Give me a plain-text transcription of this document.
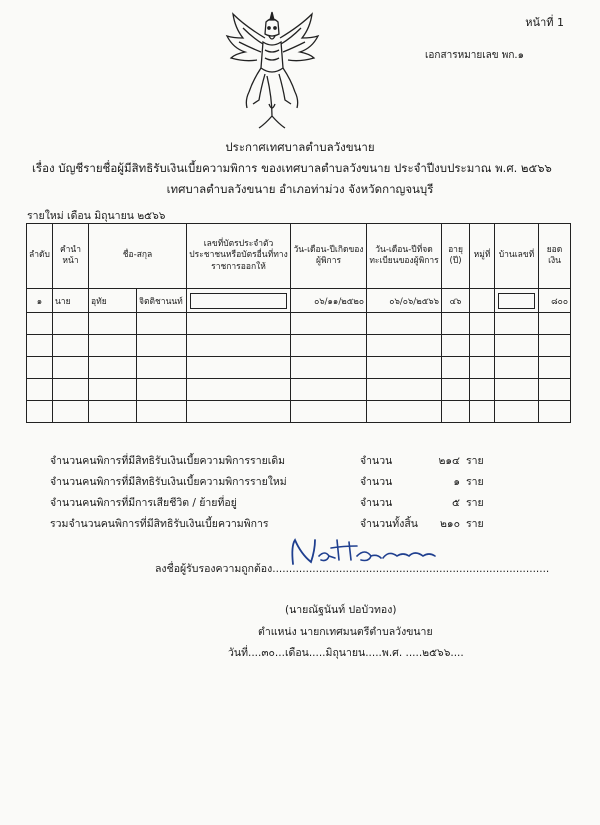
หน้าที่ 1
เอกสารหมายเลข พก.๑
ประกาศเทศบาลตำบลวังขนาย
เรื่อง บัญชีรายชื่อผู้มีสิทธิรับเงินเบี้ยความพิการ ของเทศบาลตำบลวังขนาย ประจำปีงบประมาณ พ.ศ. ๒๕๖๖
เทศบาลตำบลวังขนาย อำเภอท่าม่วง จังหวัดกาญจนบุรี
รายใหม่ เดือน มิถุนายน ๒๕๖๖
ลำดับ	คำนำหน้า	ชื่อ-สกุล		เลขที่บัตรประจำตัวประชาชนหรือบัตรอื่นที่ทางราชการออกให้	วัน-เดือน-ปีเกิดของผู้พิการ	วัน-เดือน-ปีที่จดทะเบียนของผู้พิการ	อายุ (ปี)	หมู่ที่	บ้านเลขที่	ยอดเงิน
๑	นาย	อุทัย	จิตติชานนท์		๐๖/๑๑/๒๕๒๐	๐๖/๐๖/๒๕๖๖	๔๖			๘๐๐

จำนวนคนพิการที่มีสิทธิรับเงินเบี้ยความพิการรายเดิม	จำนวน	๒๑๔ ราย
จำนวนคนพิการที่มีสิทธิรับเงินเบี้ยความพิการรายใหม่	จำนวน	๑ ราย
จำนวนคนพิการที่มีการเสียชีวิต / ย้ายที่อยู่	จำนวน	๕ ราย
รวมจำนวนคนพิการที่มีสิทธิรับเงินเบี้ยความพิการ	จำนวนทั้งสิ้น	๒๑๐ ราย
ลงชื่อผู้รับรองความถูกต้อง...................................................................................
(นายณัฐนันท์ ปอบัวทอง)
ตำแหน่ง นายกเทศมนตรีตำบลวังขนาย
วันที่....๓๐...เดือน.....มิถุนายน.....พ.ศ. .....๒๕๖๖....
